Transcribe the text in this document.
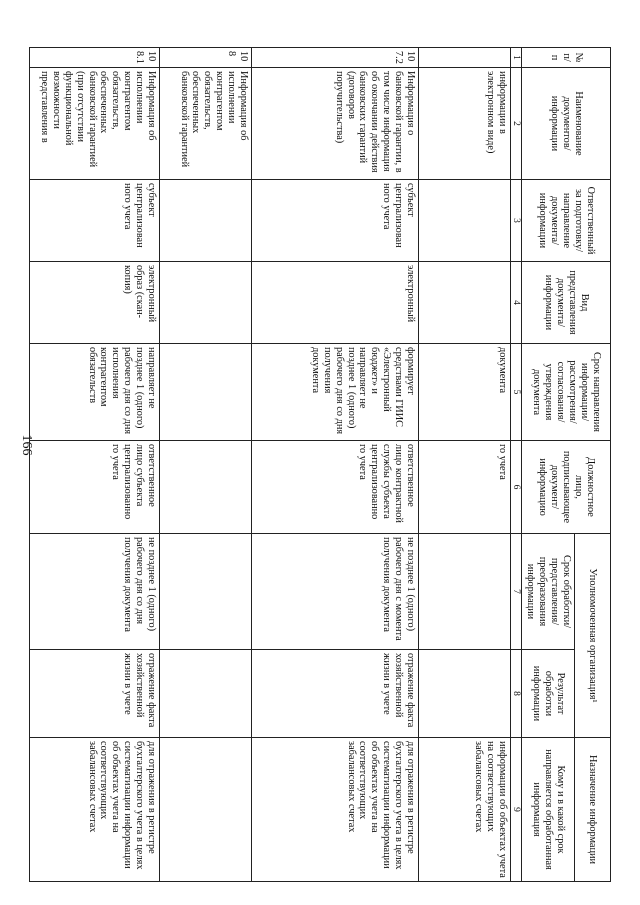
166
№ п/п	Наименование документов/ информации	Ответственный за подготовку/ направление документа/ информации	Вид представления документа/ информации	Срок направления информации/ рассмотрения/ согласования/ утверждения документа	Должностное лицо, подписывающее документ/ информацию	Уполномоченная организация¹		Назначение информации
						Срок обработки/ представления/ преобразования информации	Результат обработки информации	Кому и в какой срок направляется обработанная информация
1	2	3	4	5	6	7	8	9
	информации в электронном виде)			документа	го учета			информации об объектах учета на соответствующих забалансовых счетах
107.2	Информация о банковской гарантии, в том числе информация об окончании действия банковских гарантий (договоров поручительства)	субъект централизован ного учета	электронный	формирует средствами ГИИС «Электронный бюджет» и направляет не позднее 1 (одного) рабочего дня со дня получения документа	ответственное лицо контрактной службы субъекта централизованно го учета	не позднее 1 (одного) рабочего дня с момента получения документа	отражение факта хозяйственной жизни в учете	для отражения в регистре бухгалтерского учета в целях систематизации информации об объектах учета на соответствующих забалансовых счетах
108	Информация об исполнении контрагентом обязательств, обеспеченных банковской гарантией							
108.1	Информация об исполнении контрагентом обязательств, обеспеченных банковской гарантией (при отсутствии функциональной возможности представления в	субъект централизован ного учета	электронный образ (скан-копия)	направляет не позднее 1 (одного) рабочего дня со дня исполнения контрагентом обязательств	ответственное лицо субъекта централизованно го учета	не позднее 1 (одного) рабочего дня со дня получения документа	отражение факта хозяйственной жизни в учете	для отражения в регистре бухгалтерского учета в целях систематизации информации об объектах учета на соответствующих забалансовых счетах
